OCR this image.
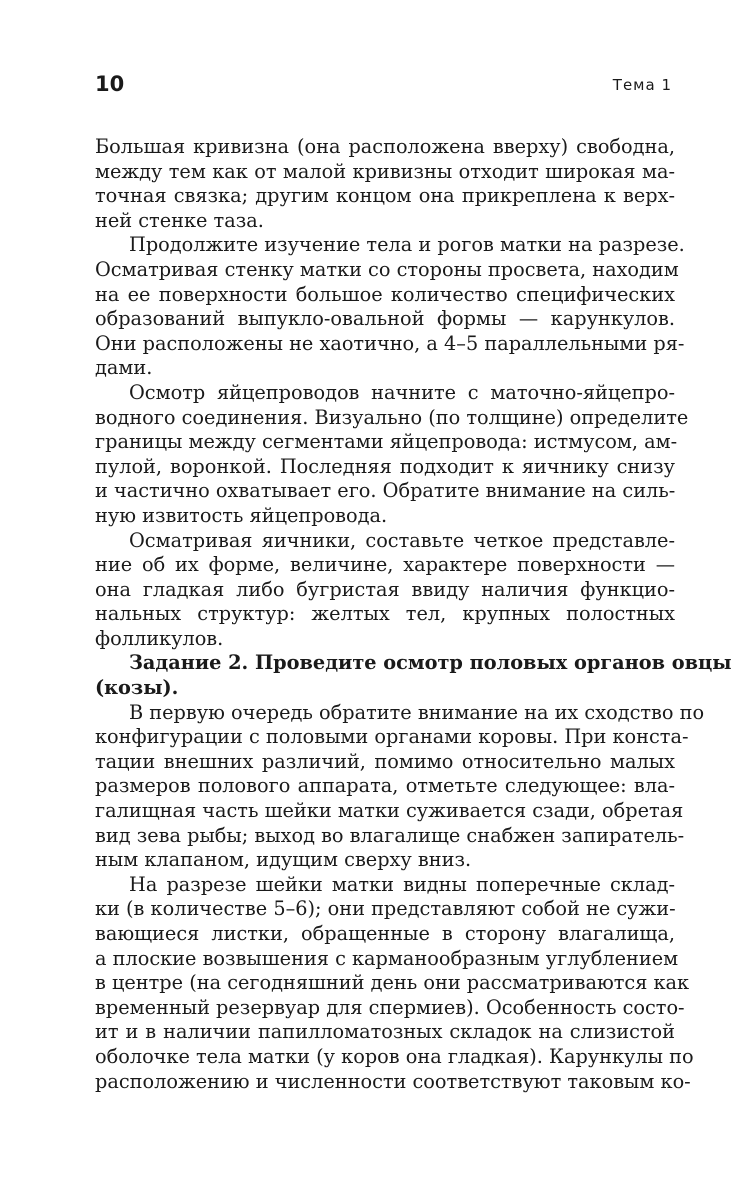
10	Тема 1
Большая кривизна (она расположена вверху) свободна,
между тем как от малой кривизны отходит широкая ма-
точная связка; другим концом она прикреплена к верх-
ней стенке таза.
Продолжите изучение тела и рогов матки на разрезе.
Осматривая стенку матки со стороны просвета, находим
на ее поверхности большое количество специфических
образований выпукло-овальной формы — карункулов.
Они расположены не хаотично, а 4–5 параллельными ря-
дами.
Осмотр яйцепроводов начните с маточно-яйцепро-
водного соединения. Визуально (по толщине) определите
границы между сегментами яйцепровода: истмусом, ам-
пулой, воронкой. Последняя подходит к яичнику снизу
и частично охватывает его. Обратите внимание на силь-
ную извитость яйцепровода.
Осматривая яичники, составьте четкое представле-
ние об их форме, величине, характере поверхности —
она гладкая либо бугристая ввиду наличия функцио-
нальных структур: желтых тел, крупных полостных
фолликулов.
Задание 2. Проведите осмотр половых органов овцы
(козы).
В первую очередь обратите внимание на их сходство по
конфигурации с половыми органами коровы. При конста-
тации внешних различий, помимо относительно малых
размеров полового аппарата, отметьте следующее: вла-
галищная часть шейки матки суживается сзади, обретая
вид зева рыбы; выход во влагалище снабжен запиратель-
ным клапаном, идущим сверху вниз.
На разрезе шейки матки видны поперечные склад-
ки (в количестве 5–6); они представляют собой не сужи-
вающиеся листки, обращенные в сторону влагалища,
а плоские возвышения с карманообразным углублением
в центре (на сегодняшний день они рассматриваются как
временный резервуар для спермиев). Особенность состо-
ит и в наличии папилломатозных складок на слизистой
оболочке тела матки (у коров она гладкая). Карункулы по
расположению и численности соответствуют таковым ко-
